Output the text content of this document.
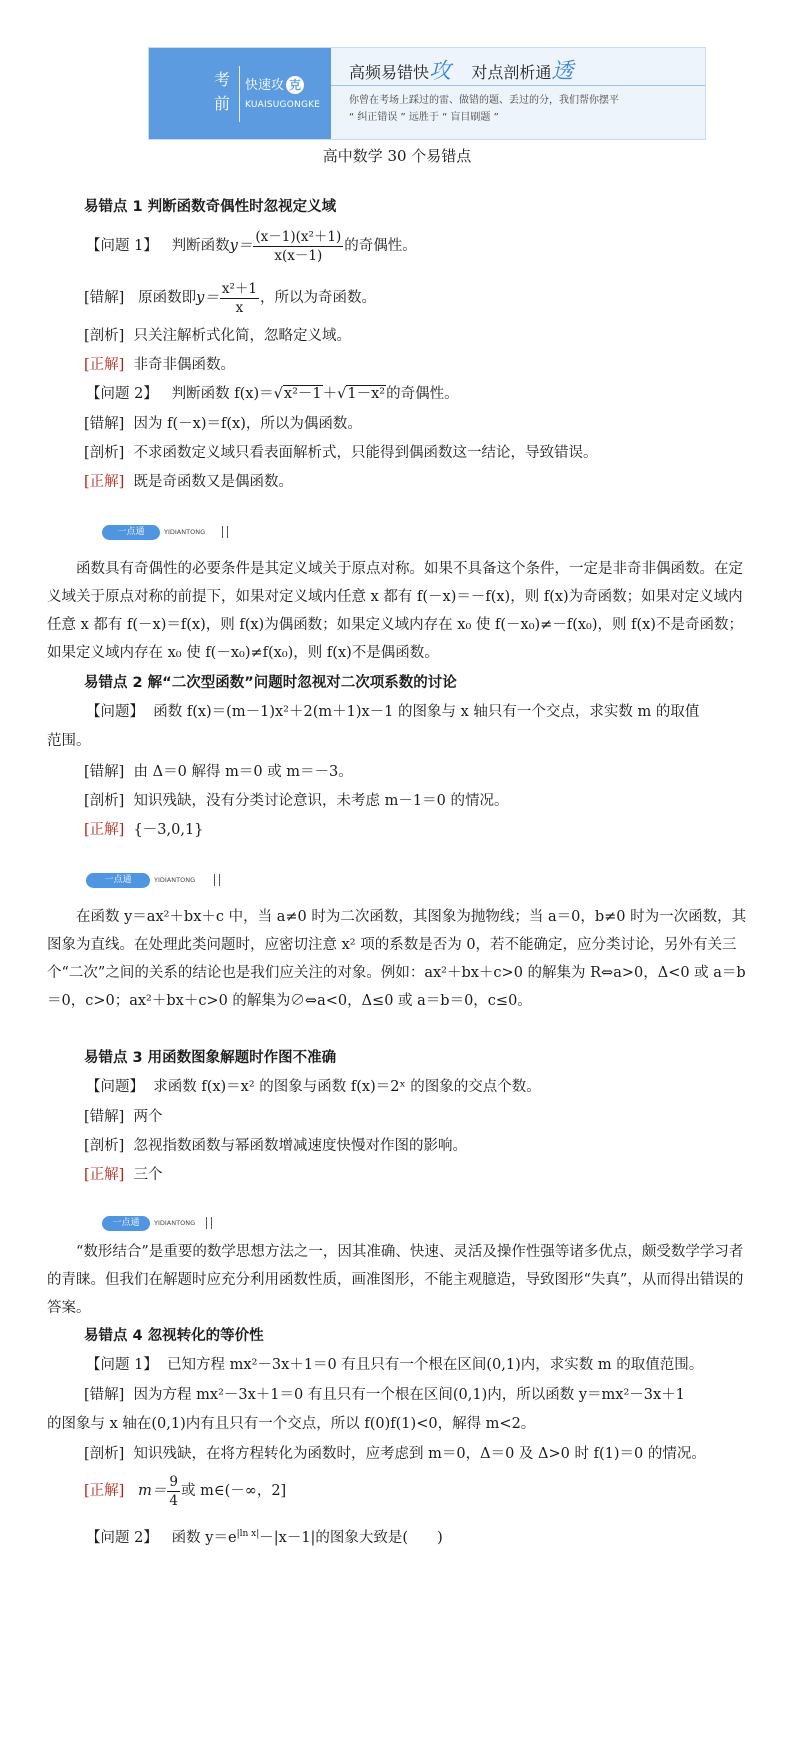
考
前
快速攻 克
KUAISUGONGKE
高频易错快攻 对点剖析通透
你曾在考场上踩过的雷、做错的题、丢过的分，我们帮你摆平
“ 纠正错误 ” 远胜于 “ 盲目刷题 ”
高中数学 30 个易错点
易错点 1 判断函数奇偶性时忽视定义域
【问题 1】 判断函数$y= \frac{\text{(x－1)(x²＋1)}}{x(x-1)}$ 的奇偶性。
[错解] 原函数即$y= \frac{\text{x²＋1}}{x}$ ，所以为奇函数。
[剖析] 只关注解析式化简，忽略定义域。
[正解] 非奇非偶函数。
【问题 2】 判断函数 f(x)＝√x²－1＋√1－x²的奇偶性。
[错解] 因为 f(－x)＝f(x)，所以为偶函数。
[剖析] 不求函数定义域只看表面解析式，只能得到偶函数这一结论，导致错误。
[正解] 既是奇函数又是偶函数。
一点通	YIDIANTONG
函数具有奇偶性的必要条件是其定义域关于原点对称。如果不具备这个条件，一定是非奇非偶函数。在定义域关于原点对称的前提下，如果对定义域内任意 x 都有 f(－x)＝－f(x)，则 f(x)为奇函数；如果对定义域内任意 x 都有 f(－x)＝f(x)，则 f(x)为偶函数；如果定义域内存在 x₀ 使 f(－x₀)≠－f(x₀)，则 f(x)不是奇函数；如果定义域内存在 x₀ 使 f(－x₀)≠f(x₀)，则 f(x)不是偶函数。
易错点 2 解“二次型函数”问题时忽视对二次项系数的讨论
【问题】 函数 f(x)＝(m－1)x²＋2(m＋1)x－1 的图象与 x 轴只有一个交点，求实数 m 的取值
范围。
[错解] 由 Δ＝0 解得 m＝0 或 m＝－3。
[剖析] 知识残缺，没有分类讨论意识，未考虑 m－1＝0 的情况。
[正解] {－3,0,1}
一点通	YIDIANTONG
在函数 y＝ax²＋bx＋c 中，当 a≠0 时为二次函数，其图象为抛物线；当 a＝0，b≠0 时为一次函数，其图象为直线。在处理此类问题时，应密切注意 x² 项的系数是否为 0，若不能确定，应分类讨论，另外有关三个“二次”之间的关系的结论也是我们应关注的对象。例如：ax²＋bx＋c>0 的解集为 R⇔a>0，Δ<0 或 a＝b＝0，c>0；ax²＋bx＋c>0 的解集为∅⇔a<0，Δ≤0 或 a＝b＝0，c≤0。
易错点 3 用函数图象解题时作图不准确
【问题】 求函数 f(x)＝x² 的图象与函数 f(x)＝2ˣ 的图象的交点个数。
[错解] 两个
[剖析] 忽视指数函数与幂函数增减速度快慢对作图的影响。
[正解] 三个
一点通	YIDIANTONG
“数形结合”是重要的数学思想方法之一，因其准确、快速、灵活及操作性强等诸多优点，颇受数学学习者的青睐。但我们在解题时应充分利用函数性质，画准图形，不能主观臆造，导致图形“失真”，从而得出错误的答案。
易错点 4 忽视转化的等价性
【问题 1】 已知方程 mx²－3x＋1＝0 有且只有一个根在区间(0,1)内，求实数 m 的取值范围。
[错解] 因为方程 mx²－3x＋1＝0 有且只有一个根在区间(0,1)内，所以函数 y＝mx²－3x＋1
的图象与 x 轴在(0,1)内有且只有一个交点，所以 f(0)f(1)<0，解得 m<2。
[剖析] 知识残缺，在将方程转化为函数时，应考虑到 m＝0，Δ＝0 及 Δ>0 时 f(1)＝0 的情况。
[正解] $m= \frac{9}{4}$ 或 m∈(－∞，2]
【问题 2】 函数 $y=e^{|ln x|}-|x-1|$的图象大致是(　　)
